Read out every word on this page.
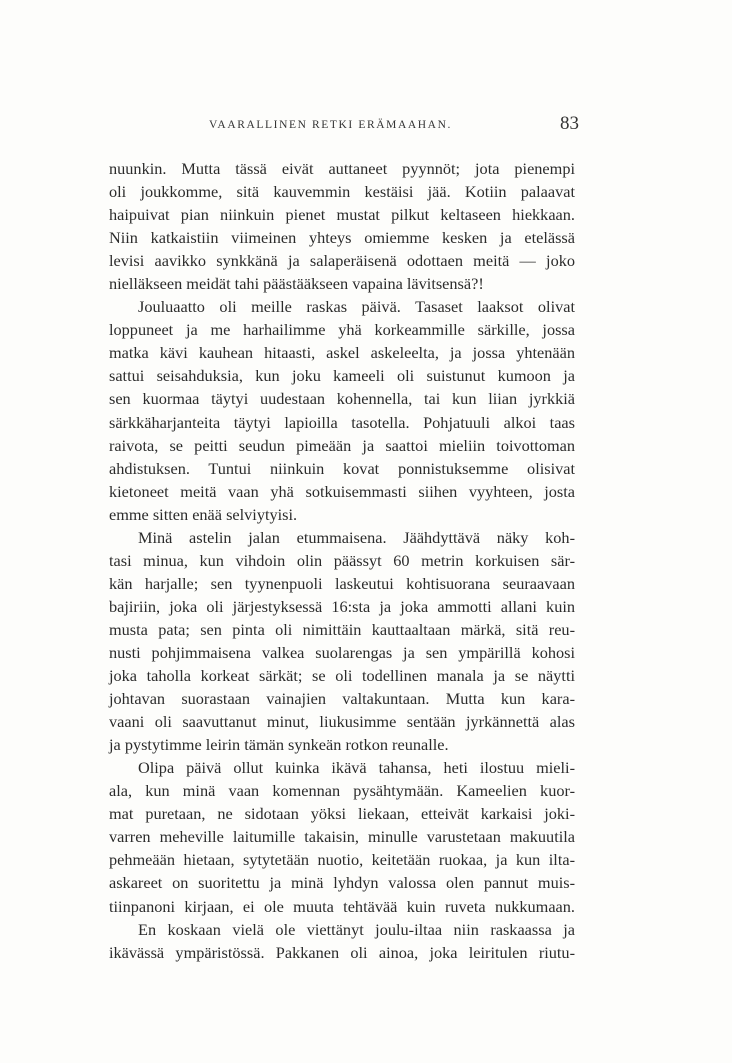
VAARALLINEN RETKI ERÄMAAHAN.	83
nuunkin. Mutta tässä eivät auttaneet pyynnöt; jota pienempi
oli joukkomme, sitä kauvemmin kestäisi jää. Kotiin palaavat
haipuivat pian niinkuin pienet mustat pilkut keltaseen hiekkaan.
Niin katkaistiin viimeinen yhteys omiemme kesken ja etelässä
levisi aavikko synkkänä ja salaperäisenä odottaen meitä — joko
nielläkseen meidät tahi päästääkseen vapaina lävitsensä?!
Jouluaatto oli meille raskas päivä. Tasaset laaksot olivat
loppuneet ja me harhailimme yhä korkeammille särkille, jossa
matka kävi kauhean hitaasti, askel askeleelta, ja jossa yhtenään
sattui seisahduksia, kun joku kameeli oli suistunut kumoon ja
sen kuormaa täytyi uudestaan kohennella, tai kun liian jyrkkiä
särkkäharjanteita täytyi lapioilla tasotella. Pohjatuuli alkoi taas
raivota, se peitti seudun pimeään ja saattoi mieliin toivottoman
ahdistuksen. Tuntui niinkuin kovat ponnistuksemme olisivat
kietoneet meitä vaan yhä sotkuisemmasti siihen vyyhteen, josta
emme sitten enää selviytyisi.
Minä astelin jalan etummaisena. Jäähdyttävä näky koh-
tasi minua, kun vihdoin olin päässyt 60 metrin korkuisen sär-
kän harjalle; sen tyynenpuoli laskeutui kohtisuorana seuraavaan
bajiriin, joka oli järjestyksessä 16:sta ja joka ammotti allani kuin
musta pata; sen pinta oli nimittäin kauttaaltaan märkä, sitä reu-
nusti pohjimmaisena valkea suolarengas ja sen ympärillä kohosi
joka taholla korkeat särkät; se oli todellinen manala ja se näytti
johtavan suorastaan vainajien valtakuntaan. Mutta kun kara-
vaani oli saavuttanut minut, liukusimme sentään jyrkännettä alas
ja pystytimme leirin tämän synkeän rotkon reunalle.
Olipa päivä ollut kuinka ikävä tahansa, heti ilostuu mieli-
ala, kun minä vaan komennan pysähtymään. Kameelien kuor-
mat puretaan, ne sidotaan yöksi liekaan, etteivät karkaisi joki-
varren meheville laitumille takaisin, minulle varustetaan makuutila
pehmeään hietaan, sytytetään nuotio, keitetään ruokaa, ja kun ilta-
askareet on suoritettu ja minä lyhdyn valossa olen pannut muis-
tiinpanoni kirjaan, ei ole muuta tehtävää kuin ruveta nukkumaan.
En koskaan vielä ole viettänyt joulu-iltaa niin raskaassa ja
ikävässä ympäristössä. Pakkanen oli ainoa, joka leiritulen riutu-
